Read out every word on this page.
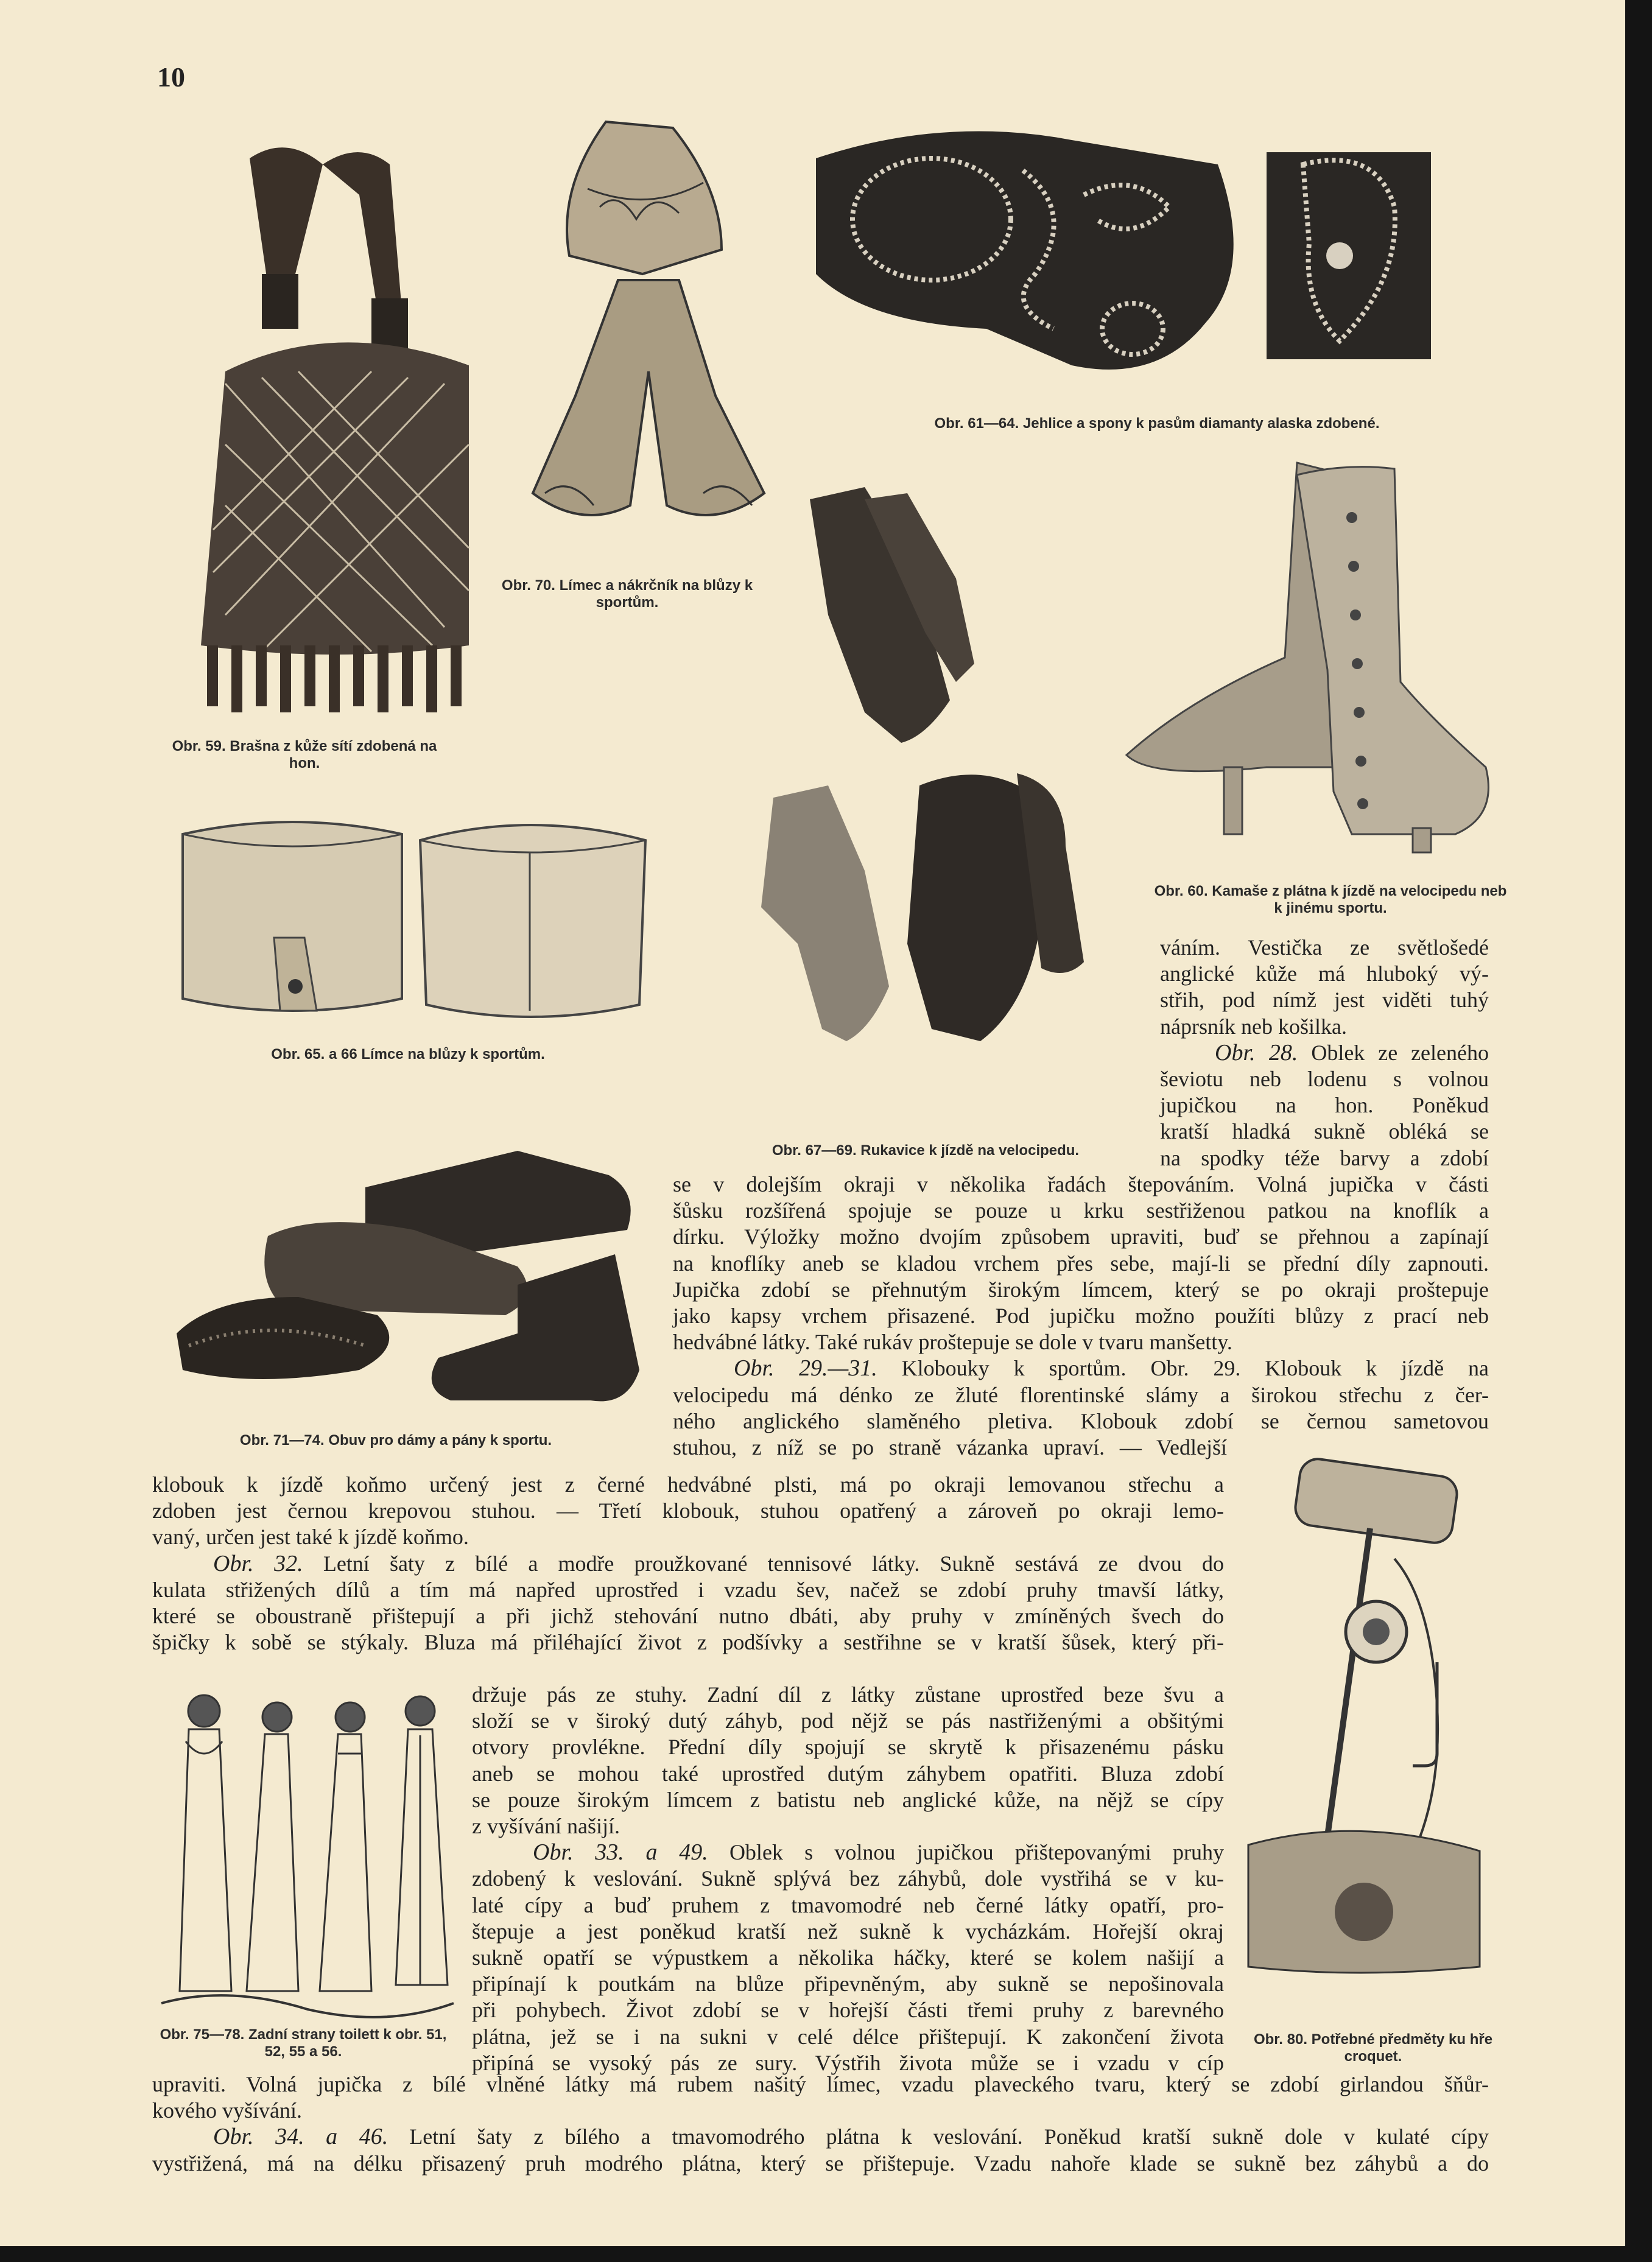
10
Obr. 59. Brašna z kůže sítí zdobená na hon.
Obr. 70. Límec a nákrčník na blůzy k sportům.
Obr. 61—64. Jehlice a spony k pasům diamanty alaska zdobené.
Obr. 67—69. Rukavice k jízdě na velocipedu.
Obr. 60. Kamaše z plátna k jízdě na velocipedu neb k jinému sportu.
Obr. 65. a 66 Límce na blůzy k sportům.
Obr. 71—74. Obuv pro dámy a pány k sportu.
Obr. 75—78. Zadní strany toilett k obr. 51, 52, 55 a 56.
Obr. 80. Potřebné předměty ku hře croquet.
váním. Vestička ze světlošedé
anglické kůže má hluboký vý-
střih, pod nímž jest viděti tuhý
náprsník neb košilka.
Obr. 28. Oblek ze zeleného
ševiotu neb lodenu s volnou
jupičkou na hon. Poněkud
kratší hladká sukně obléká se
na spodky téže barvy a zdobí
se v dolejším okraji v několika řadách štepováním. Volná jupička v části
šůsku rozšířená spojuje se pouze u krku sestřiženou patkou na knoflík a
dírku. Výložky možno dvojím způsobem upraviti, buď se přehnou a zapínají
na knoflíky aneb se kladou vrchem přes sebe, mají-li se přední díly zapnouti.
Jupička zdobí se přehnutým širokým límcem, který se po okraji proštepuje
jako kapsy vrchem přisazené. Pod jupičku možno použíti blůzy z prací neb
hedvábné látky. Také rukáv proštepuje se dole v tvaru manšetty.
Obr. 29.—31. Klobouky k sportům. Obr. 29. Klobouk k jízdě na
velocipedu má dénko ze žluté florentinské slámy a širokou střechu z čer-
ného anglického slaměného pletiva. Klobouk zdobí se černou sametovou
stuhou, z níž se po straně vázanka upraví. — Vedlejší
klobouk k jízdě koňmo určený jest z černé hedvábné plsti, má po okraji lemovanou střechu a
zdoben jest černou krepovou stuhou. — Třetí klobouk, stuhou opatřený a zároveň po okraji lemo-
vaný, určen jest také k jízdě koňmo.
Obr. 32. Letní šaty z bílé a modře proužkované tennisové látky. Sukně sestává ze dvou do
kulata střižených dílů a tím má napřed uprostřed i vzadu šev, načež se zdobí pruhy tmavší látky,
které se oboustraně přištepují a při jichž stehování nutno dbáti, aby pruhy v zmíněných švech do
špičky k sobě se stýkaly. Bluza má přiléhající život z podšívky a sestřihne se v kratší šůsek, který při-
držuje pás ze stuhy. Zadní díl z látky zůstane uprostřed beze švu a
složí se v široký dutý záhyb, pod nějž se pás nastřiženými a obšitými
otvory provlékne. Přední díly spojují se skrytě k přisazenému pásku
aneb se mohou také uprostřed dutým záhybem opatřiti. Bluza zdobí
se pouze širokým límcem z batistu neb anglické kůže, na nějž se cípy
z vyšívání našijí.
Obr. 33. a 49. Oblek s volnou jupičkou přištepovanými pruhy
zdobený k veslování. Sukně splývá bez záhybů, dole vystřihá se v ku-
laté cípy a buď pruhem z tmavomodré neb černé látky opatří, pro-
štepuje a jest poněkud kratší než sukně k vycházkám. Hořejší okraj
sukně opatří se výpustkem a několika háčky, které se kolem našijí a
připínají k poutkám na blůze připevněným, aby sukně se nepošinovala
při pohybech. Život zdobí se v hořejší části třemi pruhy z barevného
plátna, jež se i na sukni v celé délce přištepují. K zakončení života
připíná se vysoký pás ze sury. Výstřih života může se i vzadu v cíp
upraviti. Volná jupička z bílé vlněné látky má rubem našitý límec, vzadu plaveckého tvaru, který se zdobí girlandou šňůr-
kového vyšívání.
Obr. 34. a 46. Letní šaty z bílého a tmavomodrého plátna k veslování. Poněkud kratší sukně dole v kulaté cípy
vystřižená, má na délku přisazený pruh modrého plátna, který se přištepuje. Vzadu nahoře klade se sukně bez záhybů a do
